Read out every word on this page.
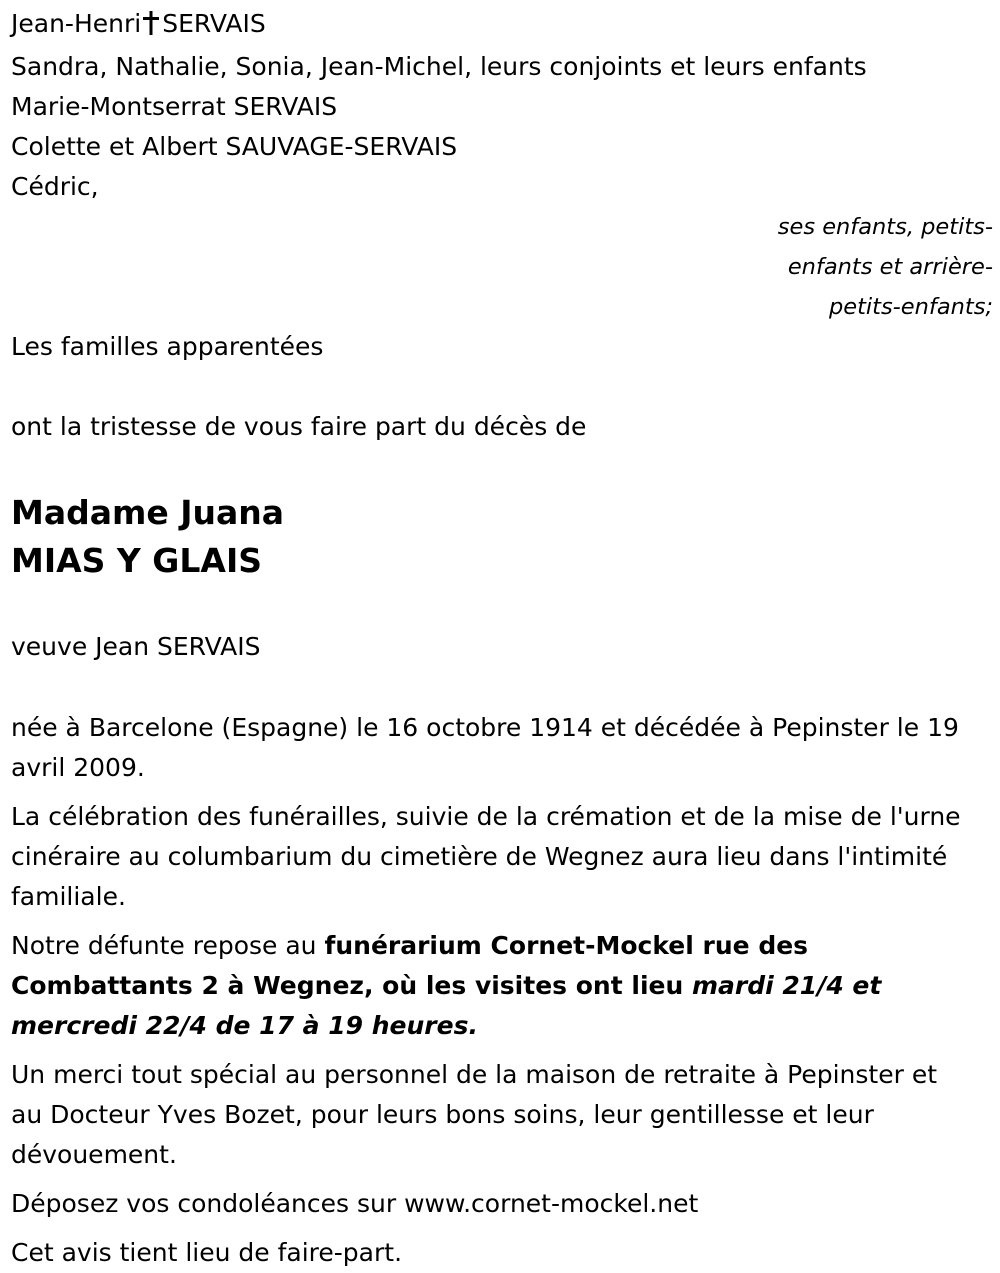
Jean-Henri SERVAIS
Sandra, Nathalie, Sonia, Jean-Michel, leurs conjoints et leurs enfants
Marie-Montserrat SERVAIS
Colette et Albert SAUVAGE-SERVAIS
Cédric,
ses enfants, petits-
enfants et arrière-
petits-enfants;
Les familles apparentées
ont la tristesse de vous faire part du décès de
Madame Juana
MIAS Y GLAIS
veuve Jean SERVAIS
née à Barcelone (Espagne) le 16 octobre 1914 et décédée à Pepinster le 19 avril 2009.
La célébration des funérailles, suivie de la crémation et de la mise de l'urne cinéraire au columbarium du cimetière de Wegnez aura lieu dans l'intimité familiale.
Notre défunte repose au funérarium Cornet-Mockel rue des Combattants 2 à Wegnez, où les visites ont lieu mardi 21/4 et mercredi 22/4 de 17 à 19 heures.
Un merci tout spécial au personnel de la maison de retraite à Pepinster et au Docteur Yves Bozet, pour leurs bons soins, leur gentillesse et leur dévouement.
Déposez vos condoléances sur www.cornet-mockel.net
Cet avis tient lieu de faire-part.
